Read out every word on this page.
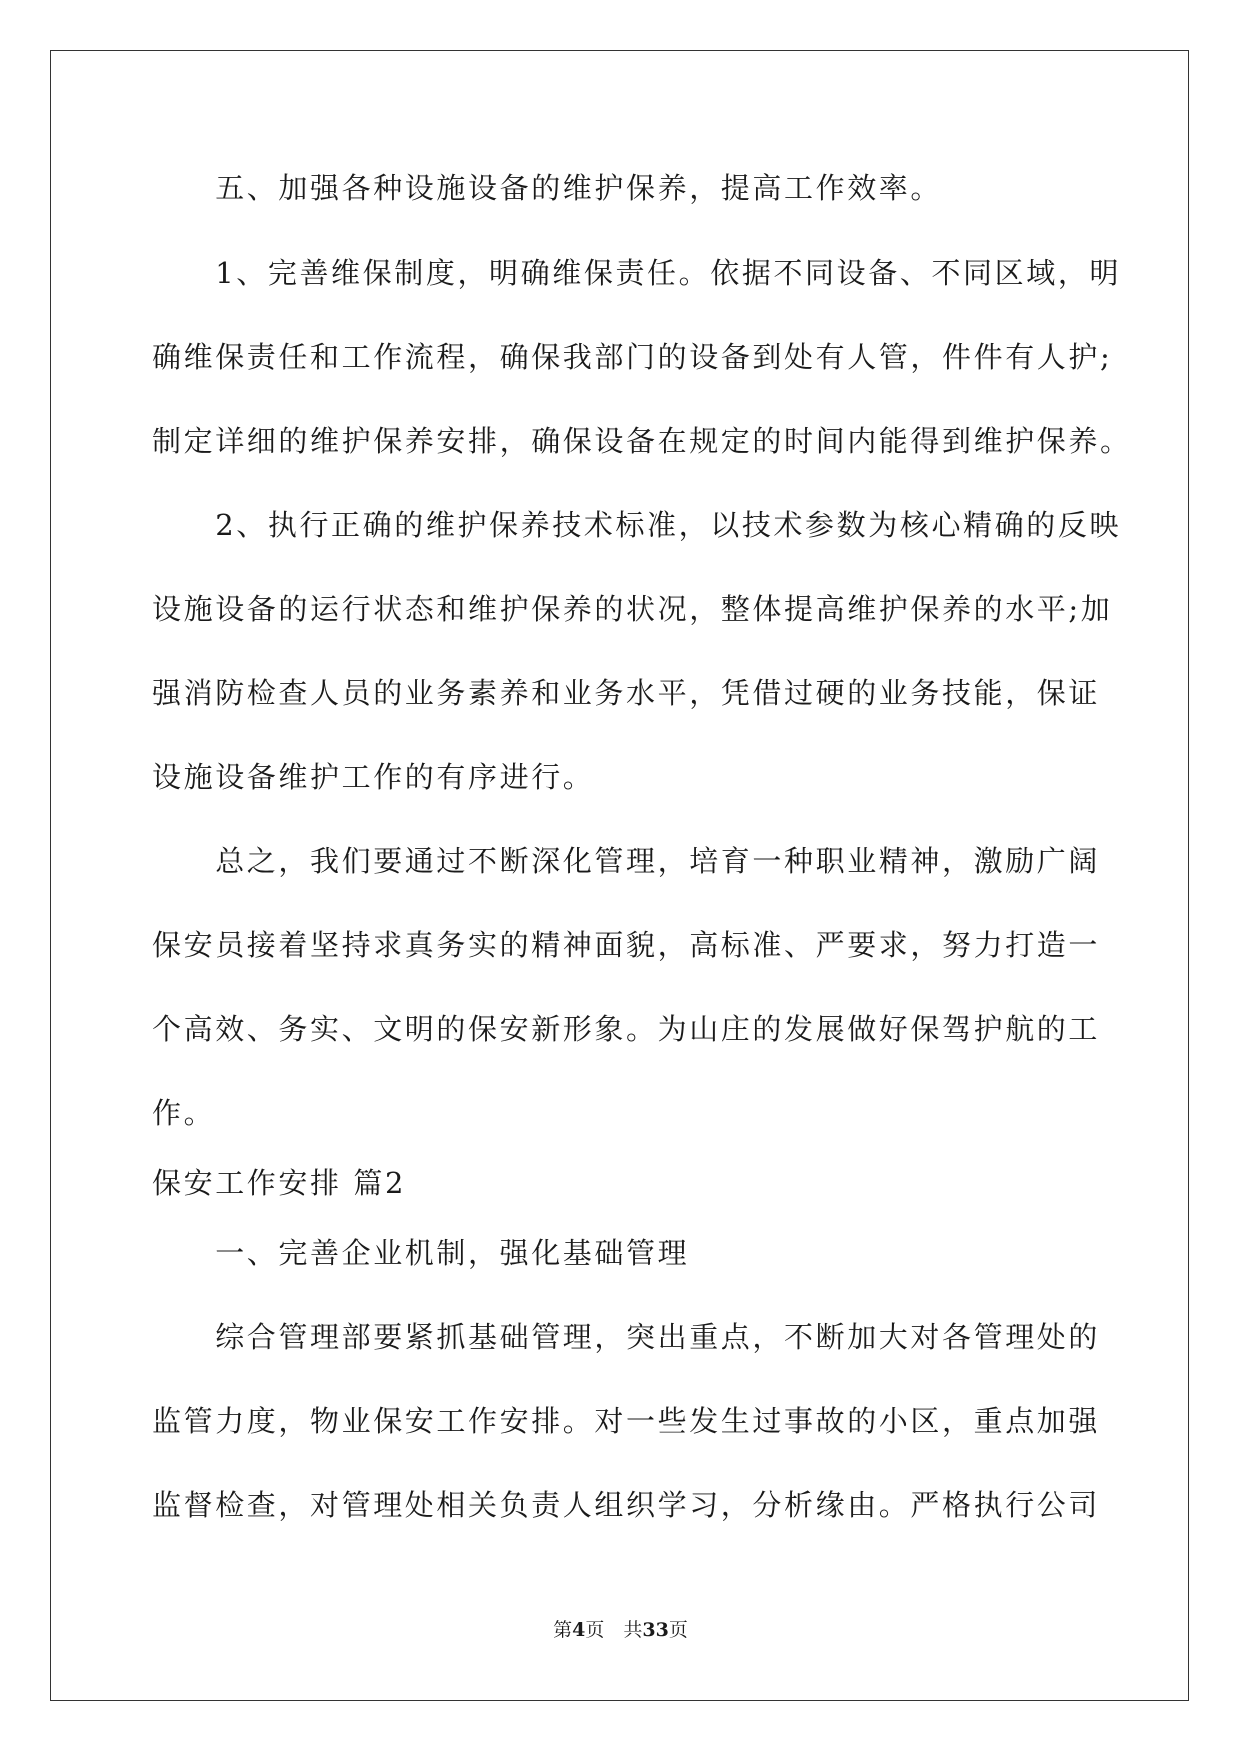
　　五、加强各种设施设备的维护保养，提高工作效率。
　　1、完善维保制度，明确维保责任。依据不同设备、不同区域，明
确维保责任和工作流程，确保我部门的设备到处有人管，件件有人护;
制定详细的维护保养安排，确保设备在规定的时间内能得到维护保养。
　　2、执行正确的维护保养技术标准，以技术参数为核心精确的反映
设施设备的运行状态和维护保养的状况，整体提高维护保养的水平;加
强消防检查人员的业务素养和业务水平，凭借过硬的业务技能，保证
设施设备维护工作的有序进行。
　　总之，我们要通过不断深化管理，培育一种职业精神，激励广阔
保安员接着坚持求真务实的精神面貌，高标准、严要求，努力打造一
个高效、务实、文明的保安新形象。为山庄的发展做好保驾护航的工
作。
保安工作安排 篇2
　　一、完善企业机制，强化基础管理
　　综合管理部要紧抓基础管理，突出重点，不断加大对各管理处的
监管力度，物业保安工作安排。对一些发生过事故的小区，重点加强
监督检查，对管理处相关负责人组织学习，分析缘由。严格执行公司
第4页　共33页
